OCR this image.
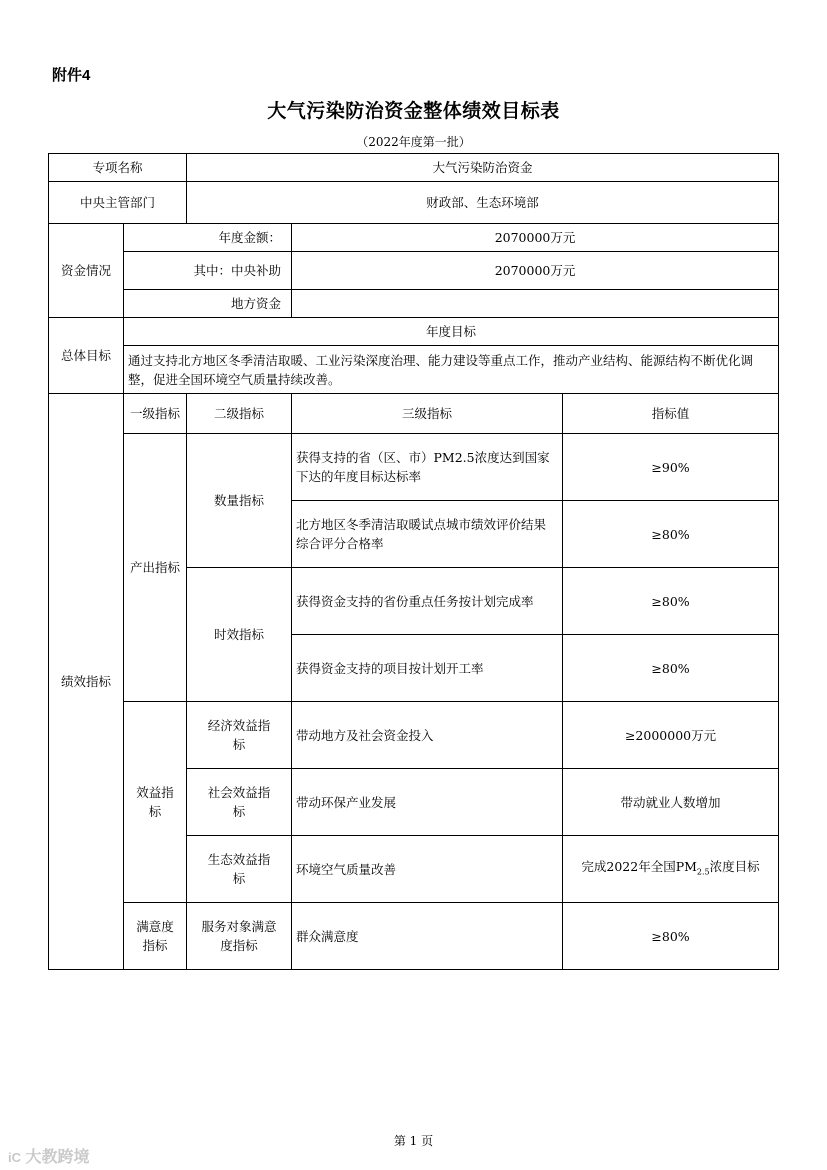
附件4
大气污染防治资金整体绩效目标表
（2022年度第一批）
专项名称		大气污染防治资金		
中央主管部门		财政部、生态环境部		
资金情况	年度金额：		2070000万元	
	其中：中央补助		2070000万元	
	地方资金			
总体目标	年度目标			
	通过支持北方地区冬季清洁取暖、工业污染深度治理、能力建设等重点工作，推动产业结构、能源结构不断优化调整，促进全国环境空气质量持续改善。			
绩效指标	一级指标	二级指标	三级指标	指标值
	产出指标	数量指标	获得支持的省（区、市）PM2.5浓度达到国家下达的年度目标达标率	≥90%
			北方地区冬季清洁取暖试点城市绩效评价结果综合评分合格率	≥80%
		时效指标	获得资金支持的省份重点任务按计划完成率	≥80%
			获得资金支持的项目按计划开工率	≥80%
	效益指标	经济效益指标	带动地方及社会资金投入	≥2000000万元
		社会效益指标	带动环保产业发展	带动就业人数增加
		生态效益指标	环境空气质量改善	完成2022年全国$PM_{2.5}$浓度目标
	满意度指标	服务对象满意度指标	群众满意度	≥80%
第 1 页
iC 大教跨境
